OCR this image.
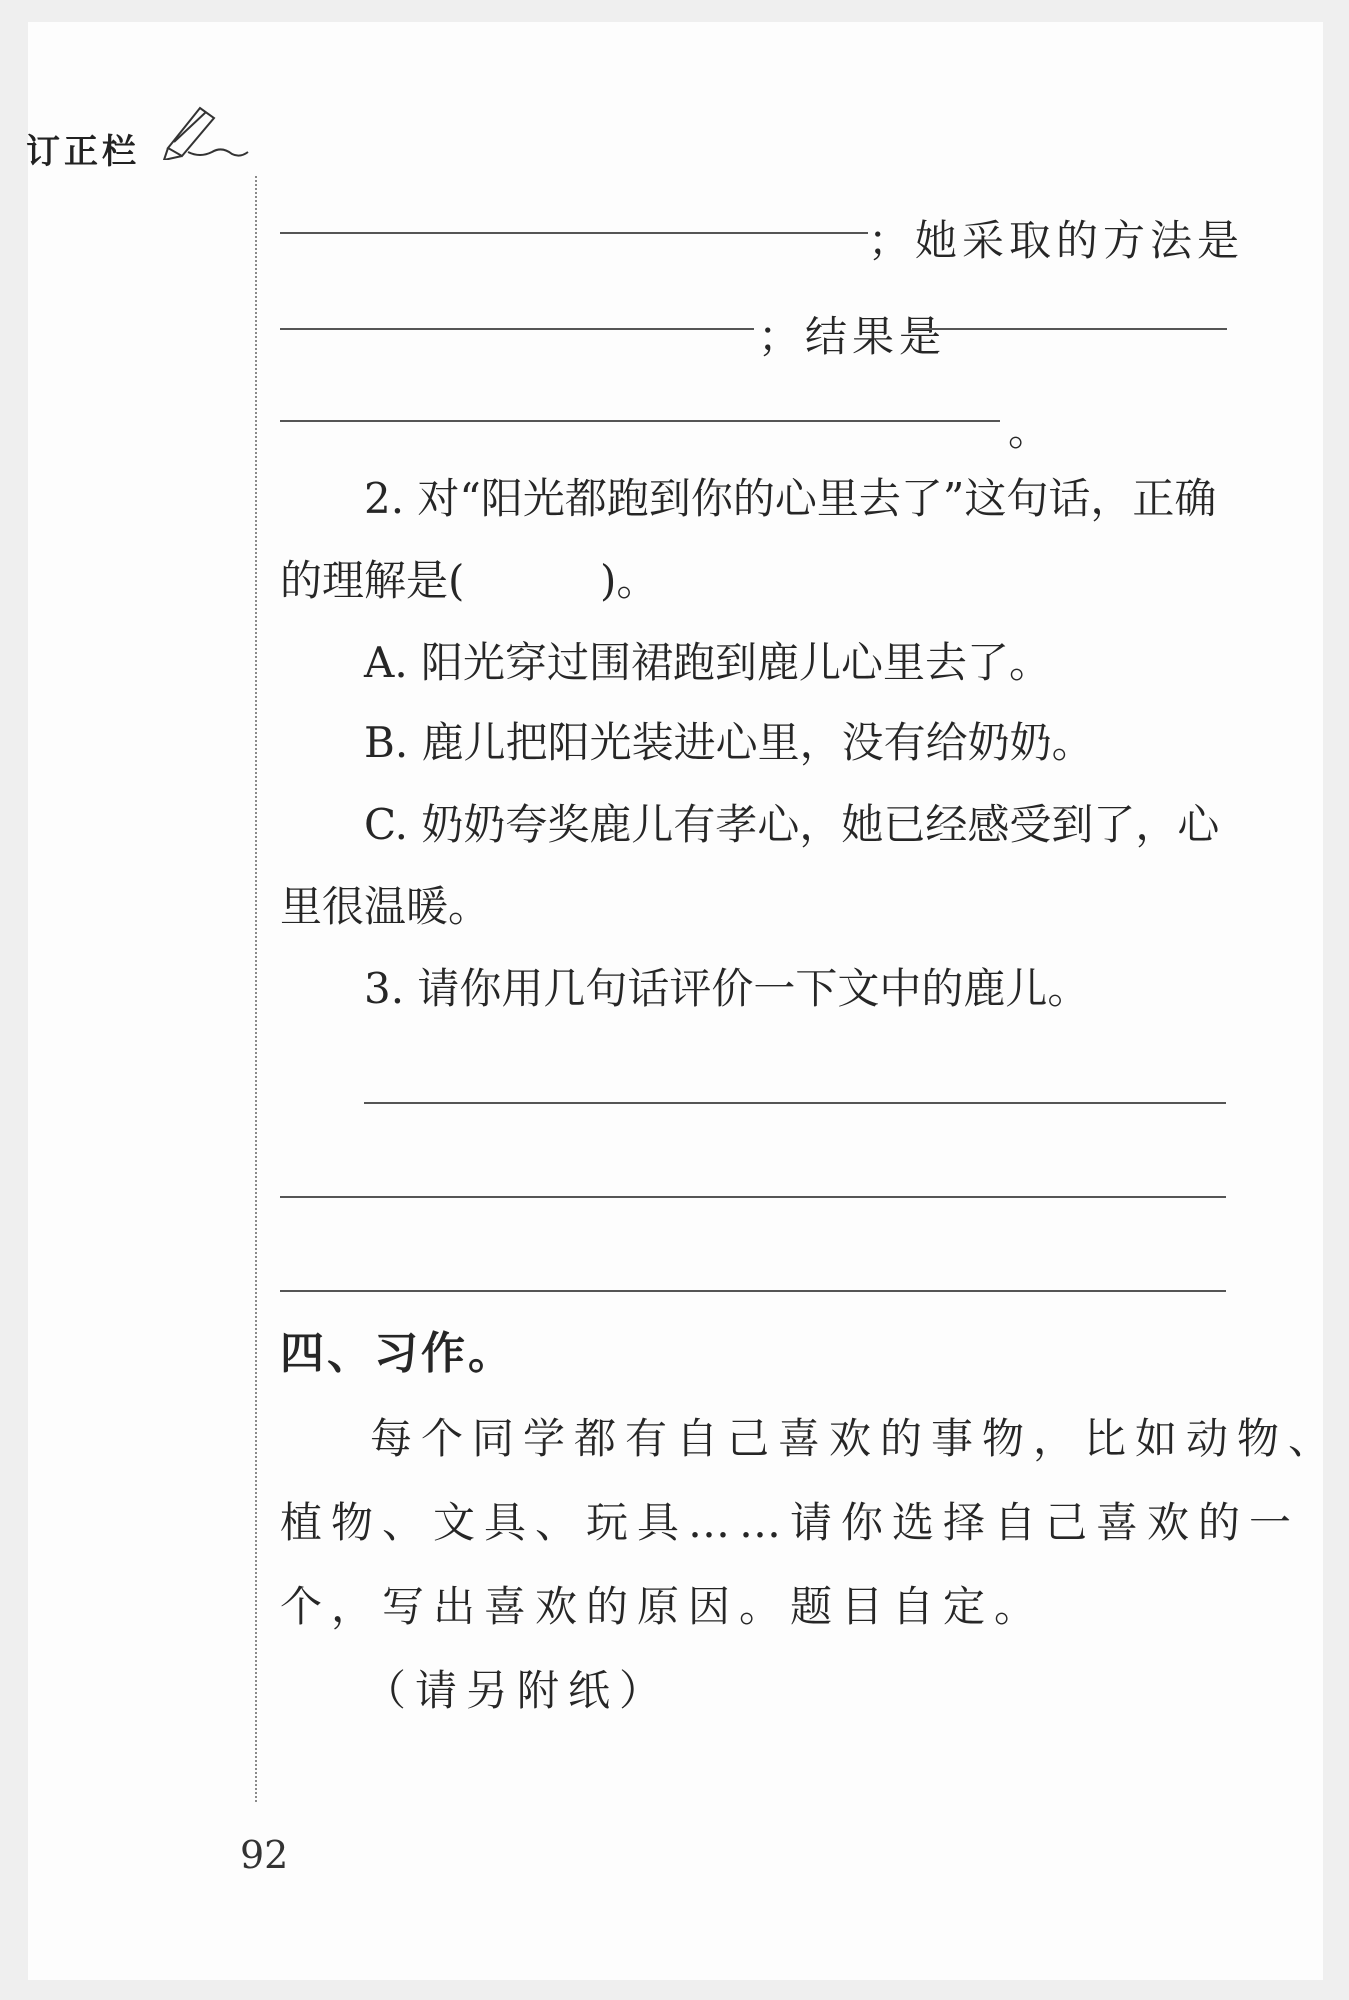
订正栏
；她采取的方法是
；结果是
。
2. 对“阳光都跑到你的心里去了”这句话，正确
的理解是(	)。
A. 阳光穿过围裙跑到鹿儿心里去了。
B. 鹿儿把阳光装进心里，没有给奶奶。
C. 奶奶夸奖鹿儿有孝心，她已经感受到了，心
里很温暖。
3. 请你用几句话评价一下文中的鹿儿。
四、习作。
每个同学都有自己喜欢的事物，比如动物、
植物、文具、玩具……请你选择自己喜欢的一
个，写出喜欢的原因。题目自定。
（请另附纸）
92
